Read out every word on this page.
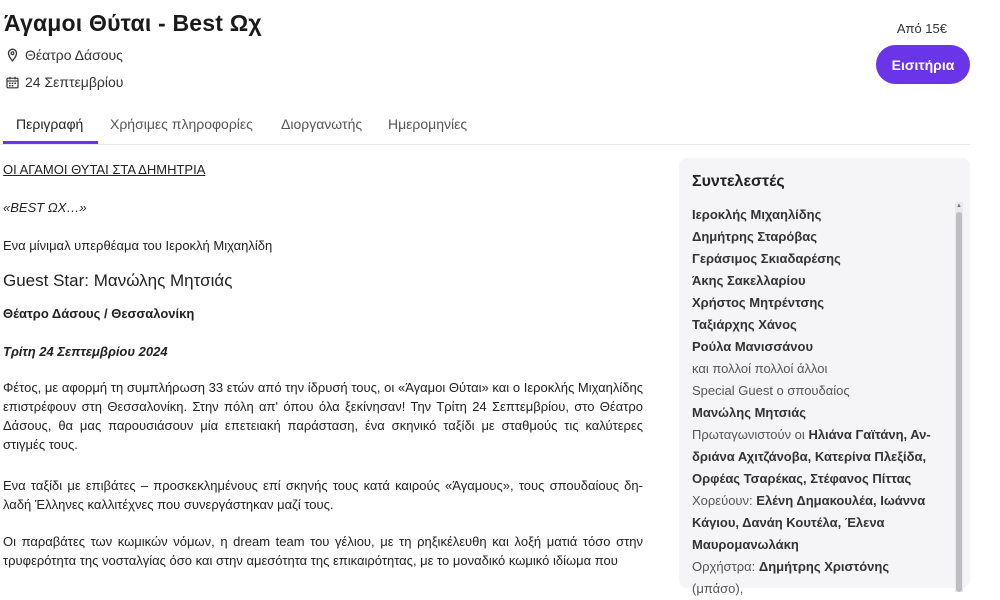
Άγαμοι Θύται - Best Ωχ
Θέατρο Δάσους
24 Σεπτεμβρίου
Από 15€
Εισιτήρια
Περιγραφή Χρήσιμες πληροφορίες Διοργανωτής Ημερομηνίες

ΟΙ ΑΓΑΜΟΙ ΘΥΤΑΙ ΣΤΑ ΔΗΜΗΤΡΙΑ

«BEST ΩΧ…»

Ενα μίνιμαλ υπερθέαμα του Ιεροκλή Μιχαηλίδη

Guest Star: Μανώλης Μητσιάς

Θέατρο Δάσους / Θεσσαλονίκη

Τρίτη 24 Σεπτεμβρίου 2024

Φέτος, με αφορμή τη συμπλήρωση 33 ετών από την ίδρυσή τους, οι «Άγαμοι Θύται» και ο Ιεροκλής Μιχαηλίδης επιστρέφουν στη Θεσσαλονίκη. Στην πόλη απ' όπου όλα ξεκίνησαν! Την Τρίτη 24 Σεπτεμβρίου, στο Θέατρο Δάσους, θα μας παρουσιάσουν μία επετειακή παράσταση, ένα σκηνικό ταξίδι με σταθμούς τις καλύτερες στιγμές τους.

Ενα ταξίδι με επιβάτες – προσκεκλημένους επί σκηνής τους κατά καιρούς «Άγαμους», τους σπουδαίους δηλαδή Έλληνες καλλιτέχνες που συνεργάστηκαν μαζί τους.

Οι παραβάτες των κωμικών νόμων, η dream team του γέλιου, με τη ρηξικέλευθη και λοξή ματιά τόσο στην τρυφερότητα της νοσταλγίας όσο και στην αμεσότητα της επικαιρότητας, με το μοναδικό κωμικό ιδίωμα που

Συντελεστές
Ιεροκλής Μιχαηλίδης
Δημήτρης Σταρόβας
Γεράσιμος Σκιαδαρέσης
Άκης Σακελλαρίου
Χρήστος Μητρέντσης
Ταξιάρχης Χάνος
Ρούλα Μανισσάνου
και πολλοί πολλοί άλλοι
Special Guest ο σπουδαίος
Μανώλης Μητσιάς
Πρωταγωνιστούν οι Ηλιάνα Γαϊτάνη, Ανδριάνα Αχιτζάνοβα, Κατερίνα Πλεξίδα, Ορφέας Τσαρέκας, Στέφανος Πίττας
Χορεύουν: Ελένη Δημακουλέα, Ιωάννα Κάγιου, Δανάη Κουτέλα, Έλενα Μαυρομανωλάκη
Ορχήστρα: Δημήτρης Χριστόνης (μπάσο),
▲
